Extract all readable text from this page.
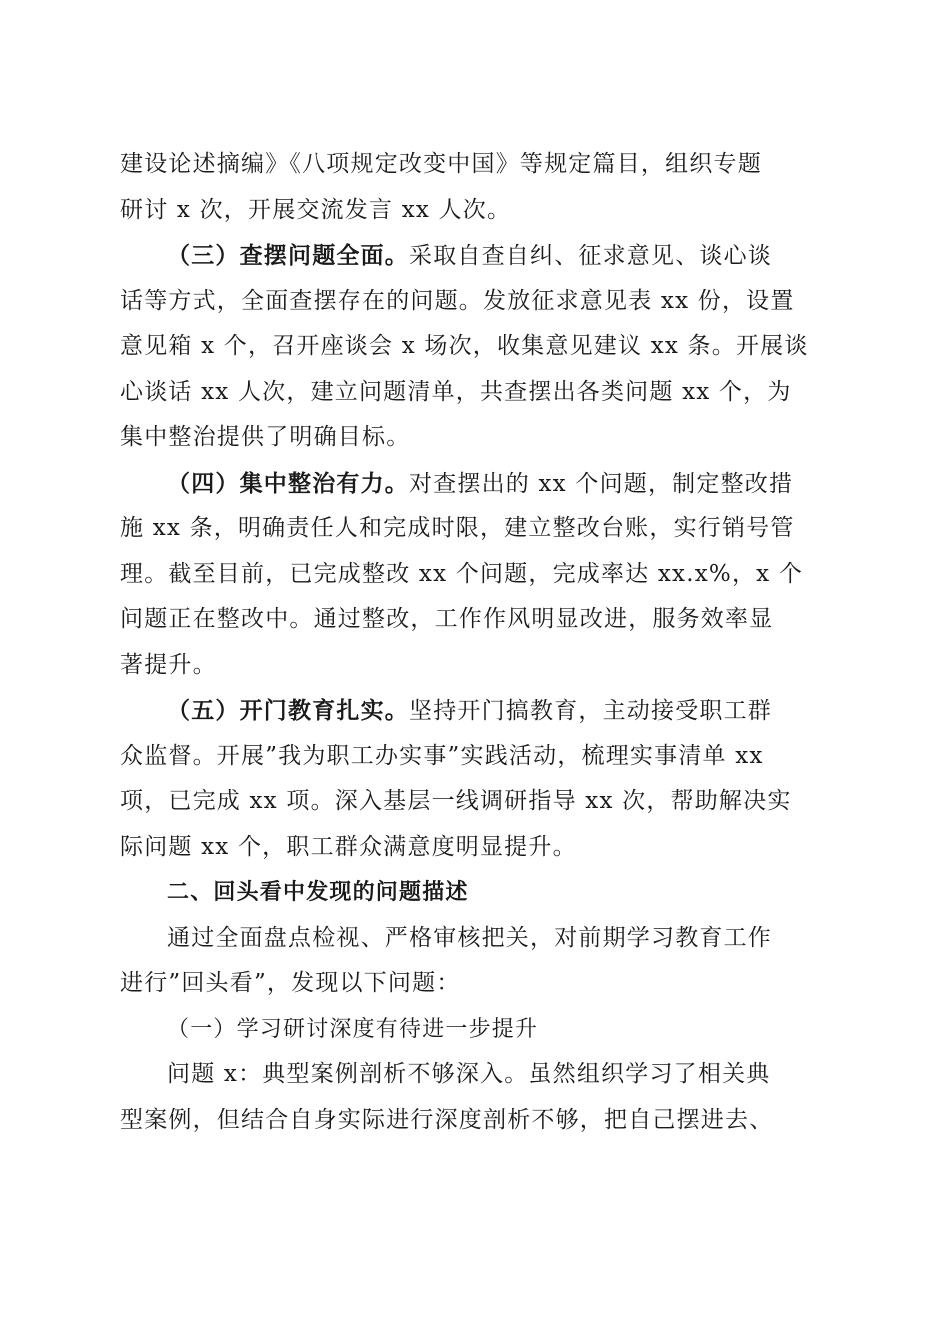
建设论述摘编》《八项规定改变中国》等规定篇目，组织专题
研讨 x 次，开展交流发言 xx 人次。
（三）查摆问题全面。采取自查自纠、征求意见、谈心谈
话等方式，全面查摆存在的问题。发放征求意见表 xx 份，设置
意见箱 x 个，召开座谈会 x 场次，收集意见建议 xx 条。开展谈
心谈话 xx 人次，建立问题清单，共查摆出各类问题 xx 个，为
集中整治提供了明确目标。
（四）集中整治有力。对查摆出的 xx 个问题，制定整改措
施 xx 条，明确责任人和完成时限，建立整改台账，实行销号管
理。截至目前，已完成整改 xx 个问题，完成率达 xx.x%，x 个
问题正在整改中。通过整改，工作作风明显改进，服务效率显
著提升。
（五）开门教育扎实。坚持开门搞教育，主动接受职工群
众监督。开展”我为职工办实事”实践活动，梳理实事清单 xx
项，已完成 xx 项。深入基层一线调研指导 xx 次，帮助解决实
际问题 xx 个，职工群众满意度明显提升。
二、回头看中发现的问题描述
通过全面盘点检视、严格审核把关，对前期学习教育工作
进行”回头看”，发现以下问题：
（一）学习研讨深度有待进一步提升
问题 x：典型案例剖析不够深入。虽然组织学习了相关典
型案例，但结合自身实际进行深度剖析不够，把自己摆进去、
